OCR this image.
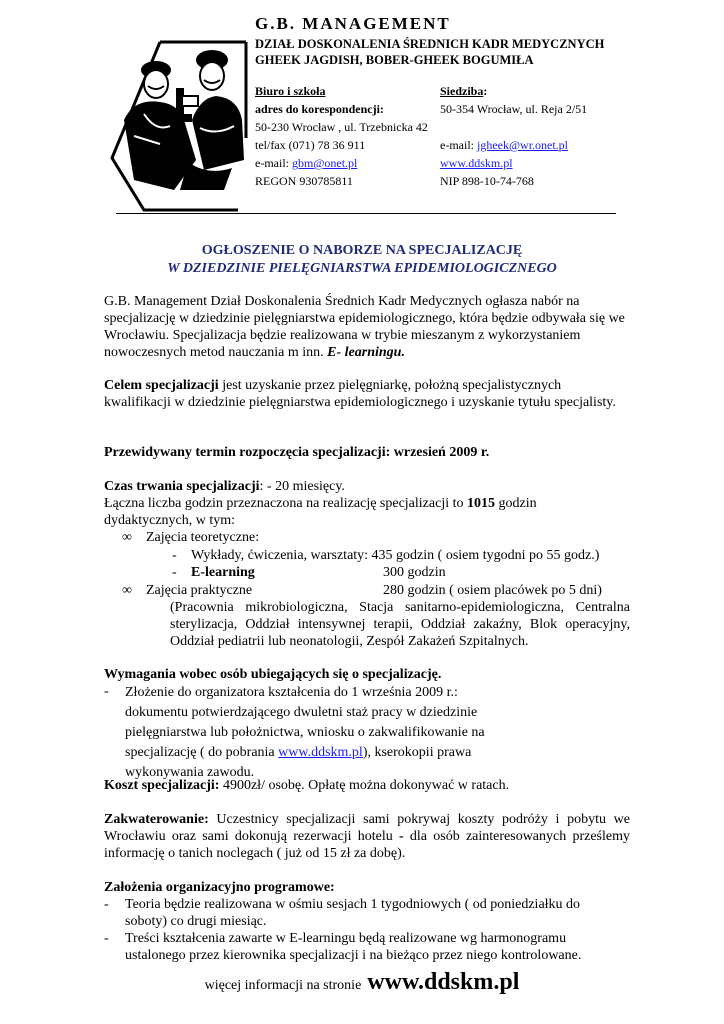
G.B. MANAGEMENT
DZIAŁ DOSKONALENIA ŚREDNICH KADR MEDYCZNYCH
GHEEK JAGDISH, BOBER-GHEEK BOGUMIŁA
Biuro i szkoła
adres do korespondencji:
50-230 Wrocław , ul. Trzebnicka 42
tel/fax (071) 78 36 911
e-mail: gbm@onet.pl
REGON 930785811
Siedziba:
50-354 Wrocław, ul. Reja 2/51

e-mail: jgheek@wr.onet.pl
www.ddskm.pl
NIP 898-10-74-768
OGŁOSZENIE O NABORZE NA SPECJALIZACJĘ
W DZIEDZINIE PIELĘGNIARSTWA EPIDEMIOLOGICZNEGO
G.B. Management Dział Doskonalenia Średnich Kadr Medycznych ogłasza nabór na specjalizację w dziedzinie pielęgniarstwa epidemiologicznego, która będzie odbywała się we Wrocławiu. Specjalizacja będzie realizowana w trybie mieszanym z wykorzystaniem nowoczesnych metod nauczania m inn. E- learningu.
Celem specjalizacji jest uzyskanie przez pielęgniarkę, położną specjalistycznych kwalifikacji w dziedzinie pielęgniarstwa epidemiologicznego i uzyskanie tytułu specjalisty.
Przewidywany termin rozpoczęcia specjalizacji: wrzesień 2009 r.
Czas trwania specjalizacji: - 20 miesięcy.
Łączna liczba godzin przeznaczona na realizację specjalizacji to 1015 godzin
dydaktycznych, w tym:
∞	Zajęcia teoretyczne:
-	Wykłady, ćwiczenia, warsztaty: 435 godzin ( osiem tygodni po 55 godz.)
-	E-learning	300 godzin
∞	Zajęcia praktyczne	280 godzin ( osiem placówek po 5 dni)
(Pracownia mikrobiologiczna, Stacja sanitarno-epidemiologiczna, Centralna sterylizacja, Oddział intensywnej terapii, Oddział zakaźny, Blok operacyjny, Oddział pediatrii lub neonatologii, Zespół Zakażeń Szpitalnych.
Wymagania wobec osób ubiegających się o specjalizację.
-	Złożenie do organizatora kształcenia do 1 września 2009 r.: dokumentu potwierdzającego dwuletni staż pracy w dziedzinie pielęgniarstwa lub położnictwa, wniosku o zakwalifikowanie na specjalizację ( do pobrania www.ddskm.pl), kserokopii prawa wykonywania zawodu.
Koszt specjalizacji: 4900zł/ osobę. Opłatę można dokonywać w ratach.
Zakwaterowanie: Uczestnicy specjalizacji sami pokrywaj koszty podróży i pobytu we Wrocławiu oraz sami dokonują rezerwacji hotelu - dla osób zainteresowanych prześlemy informację o tanich noclegach ( już od 15 zł za dobę).
Założenia organizacyjno programowe:
-	Teoria będzie realizowana w ośmiu sesjach 1 tygodniowych ( od poniedziałku do soboty) co drugi miesiąc.
-	Treści kształcenia zawarte w E-learningu będą realizowane wg harmonogramu ustalonego przez kierownika specjalizacji i na bieżąco przez niego kontrolowane.
więcej informacji na stronie www.ddskm.pl
